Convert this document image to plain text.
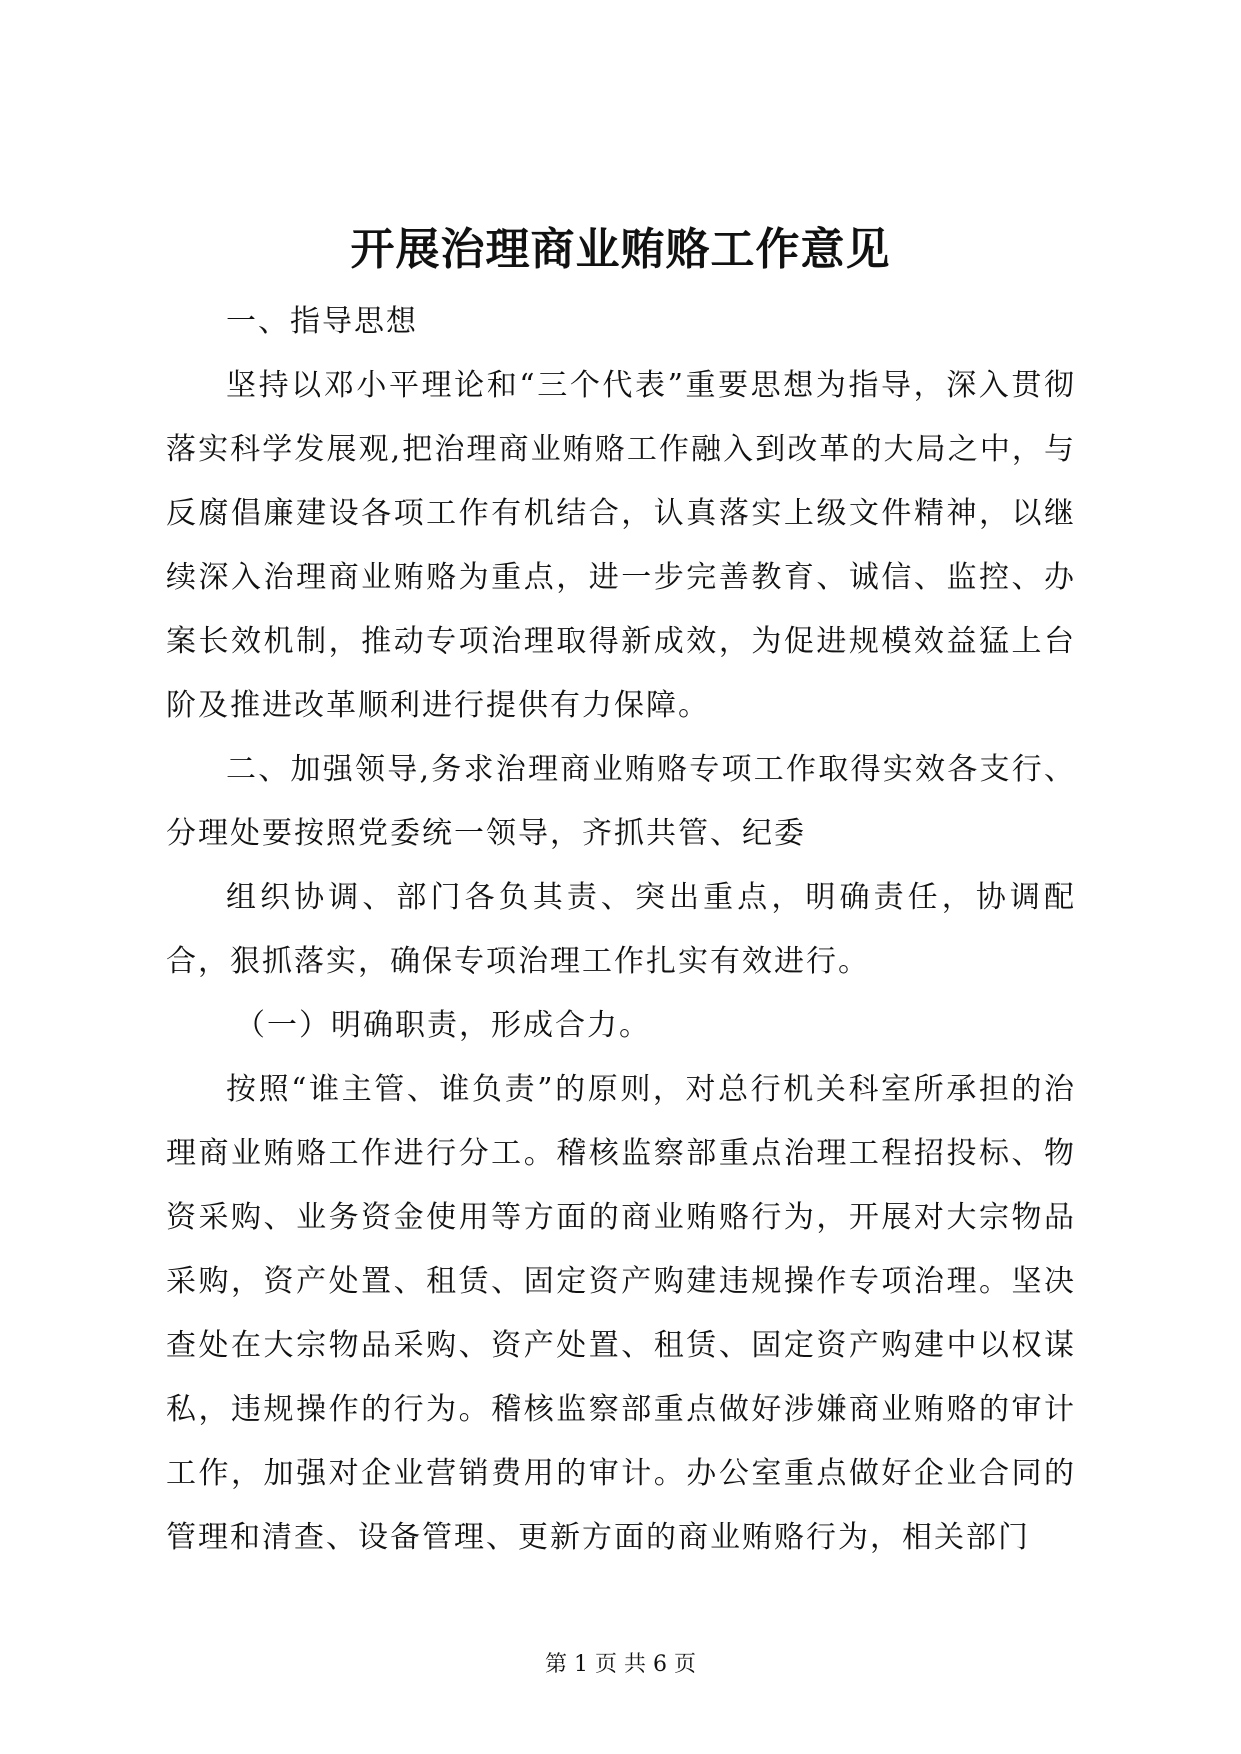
开展治理商业贿赂工作意见

一、指导思想

坚持以邓小平理论和“三个代表”重要思想为指导，深入贯彻落实科学发展观,把治理商业贿赂工作融入到改革的大局之中，与反腐倡廉建设各项工作有机结合，认真落实上级文件精神，以继续深入治理商业贿赂为重点，进一步完善教育、诚信、监控、办案长效机制，推动专项治理取得新成效，为促进规模效益猛上台阶及推进改革顺利进行提供有力保障。

二、加强领导,务求治理商业贿赂专项工作取得实效各支行、分理处要按照党委统一领导，齐抓共管、纪委

组织协调、部门各负其责、突出重点，明确责任，协调配合，狠抓落实，确保专项治理工作扎实有效进行。

（一）明确职责，形成合力。

按照“谁主管、谁负责”的原则，对总行机关科室所承担的治理商业贿赂工作进行分工。稽核监察部重点治理工程招投标、物资采购、业务资金使用等方面的商业贿赂行为，开展对大宗物品采购，资产处置、租赁、固定资产购建违规操作专项治理。坚决查处在大宗物品采购、资产处置、租赁、固定资产购建中以权谋私，违规操作的行为。稽核监察部重点做好涉嫌商业贿赂的审计工作，加强对企业营销费用的审计。办公室重点做好企业合同的管理和清查、设备管理、更新方面的商业贿赂行为，相关部门

第 1 页 共 6 页
